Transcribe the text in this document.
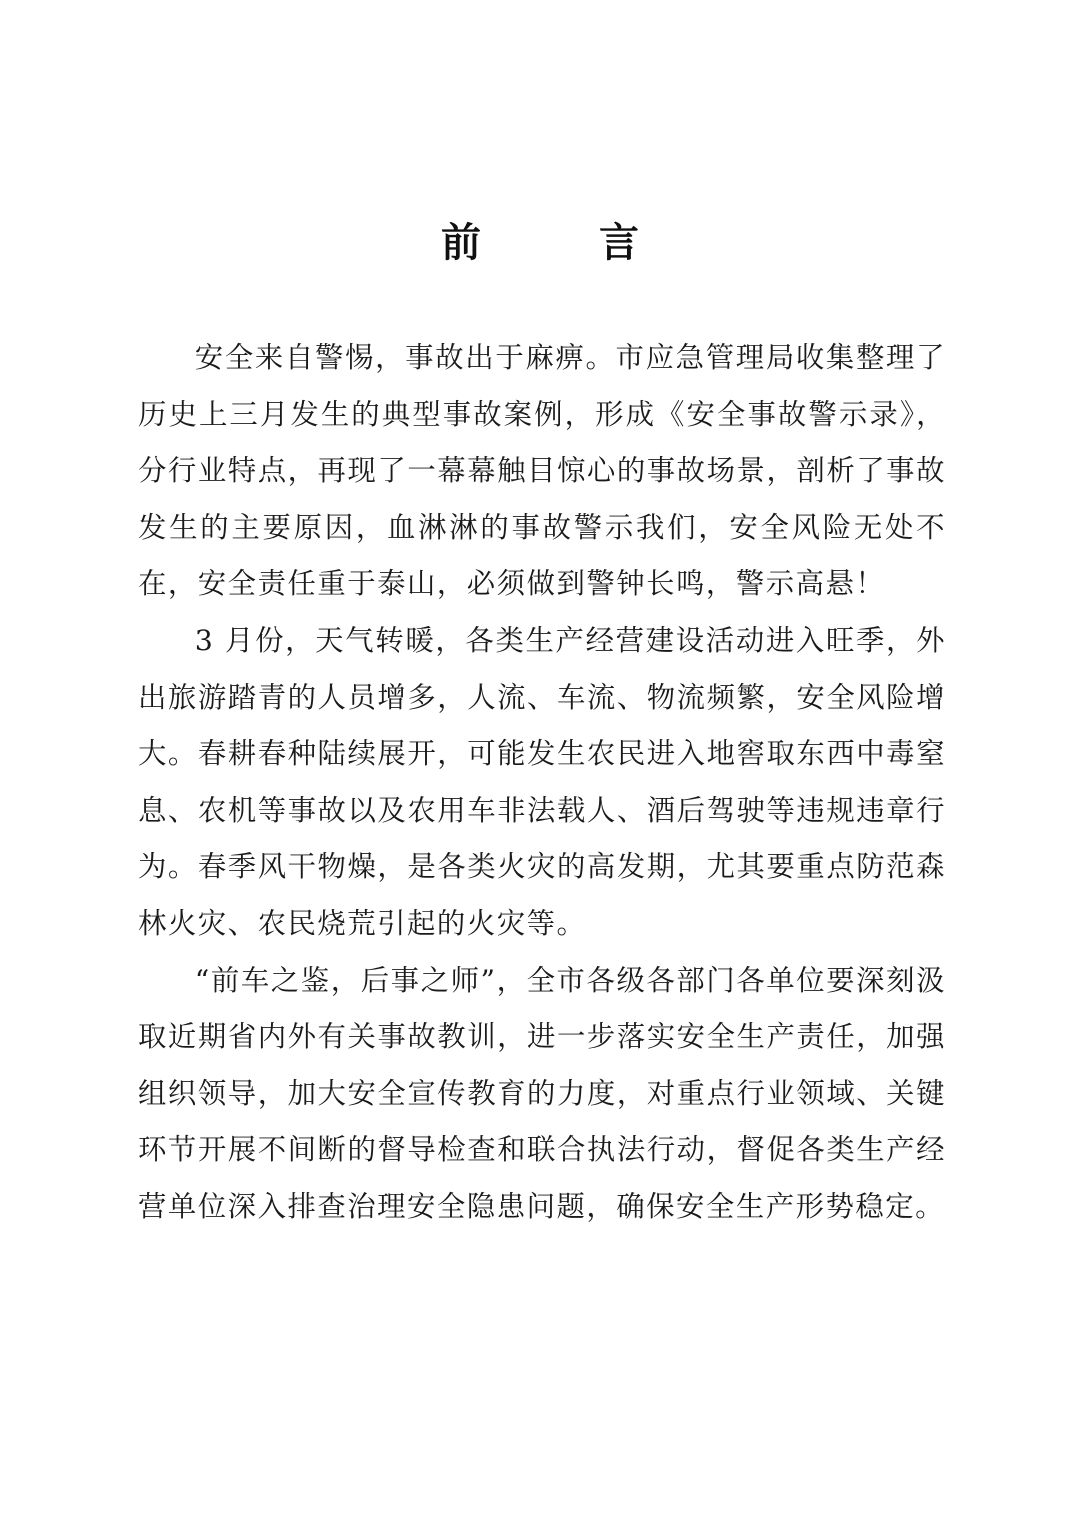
前 言

安全来自警惕，事故出于麻痹。市应急管理局收集整理了历史上三月发生的典型事故案例，形成《安全事故警示录》，分行业特点，再现了一幕幕触目惊心的事故场景，剖析了事故发生的主要原因，血淋淋的事故警示我们，安全风险无处不在，安全责任重于泰山，必须做到警钟长鸣，警示高悬！

3 月份，天气转暖，各类生产经营建设活动进入旺季，外出旅游踏青的人员增多，人流、车流、物流频繁，安全风险增大。春耕春种陆续展开，可能发生农民进入地窖取东西中毒窒息、农机等事故以及农用车非法载人、酒后驾驶等违规违章行为。春季风干物燥，是各类火灾的高发期，尤其要重点防范森林火灾、农民烧荒引起的火灾等。

“前车之鉴，后事之师”，全市各级各部门各单位要深刻汲取近期省内外有关事故教训，进一步落实安全生产责任，加强组织领导，加大安全宣传教育的力度，对重点行业领域、关键环节开展不间断的督导检查和联合执法行动，督促各类生产经营单位深入排查治理安全隐患问题，确保安全生产形势稳定。
